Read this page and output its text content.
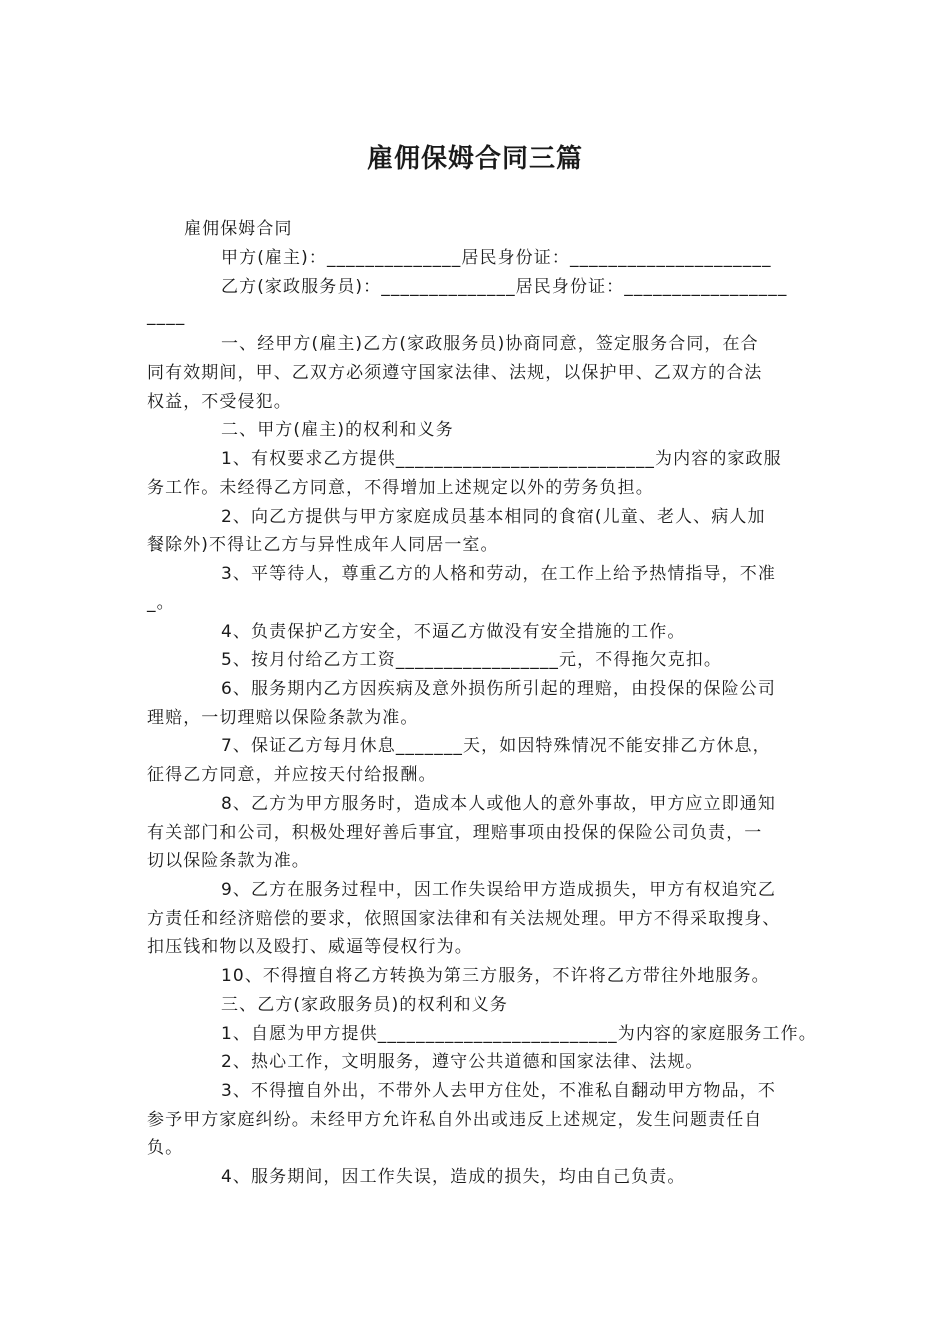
雇佣保姆合同三篇
雇佣保姆合同
甲方(雇主)：______________居民身份证：_____________________
乙方(家政服务员)：______________居民身份证：_________________
____
一、经甲方(雇主)乙方(家政服务员)协商同意，签定服务合同，在合
同有效期间，甲、乙双方必须遵守国家法律、法规，以保护甲、乙双方的合法
权益，不受侵犯。
二、甲方(雇主)的权利和义务
1、有权要求乙方提供___________________________为内容的家政服
务工作。未经得乙方同意，不得增加上述规定以外的劳务负担。
2、向乙方提供与甲方家庭成员基本相同的食宿(儿童、老人、病人加
餐除外)不得让乙方与异性成年人同居一室。
3、平等待人，尊重乙方的人格和劳动，在工作上给予热情指导，不准
_。
4、负责保护乙方安全，不逼乙方做没有安全措施的工作。
5、按月付给乙方工资_________________元，不得拖欠克扣。
6、服务期内乙方因疾病及意外损伤所引起的理赔，由投保的保险公司
理赔，一切理赔以保险条款为准。
7、保证乙方每月休息_______天，如因特殊情况不能安排乙方休息，
征得乙方同意，并应按天付给报酬。
8、乙方为甲方服务时，造成本人或他人的意外事故，甲方应立即通知
有关部门和公司，积极处理好善后事宜，理赔事项由投保的保险公司负责，一
切以保险条款为准。
9、乙方在服务过程中，因工作失误给甲方造成损失，甲方有权追究乙
方责任和经济赔偿的要求，依照国家法律和有关法规处理。甲方不得采取搜身、
扣压钱和物以及殴打、威逼等侵权行为。
10、不得擅自将乙方转换为第三方服务，不许将乙方带往外地服务。
三、乙方(家政服务员)的权利和义务
1、自愿为甲方提供_________________________为内容的家庭服务工作。
2、热心工作，文明服务，遵守公共道德和国家法律、法规。
3、不得擅自外出，不带外人去甲方住处，不准私自翻动甲方物品，不
参予甲方家庭纠纷。未经甲方允许私自外出或违反上述规定，发生问题责任自
负。
4、服务期间，因工作失误，造成的损失，均由自己负责。
